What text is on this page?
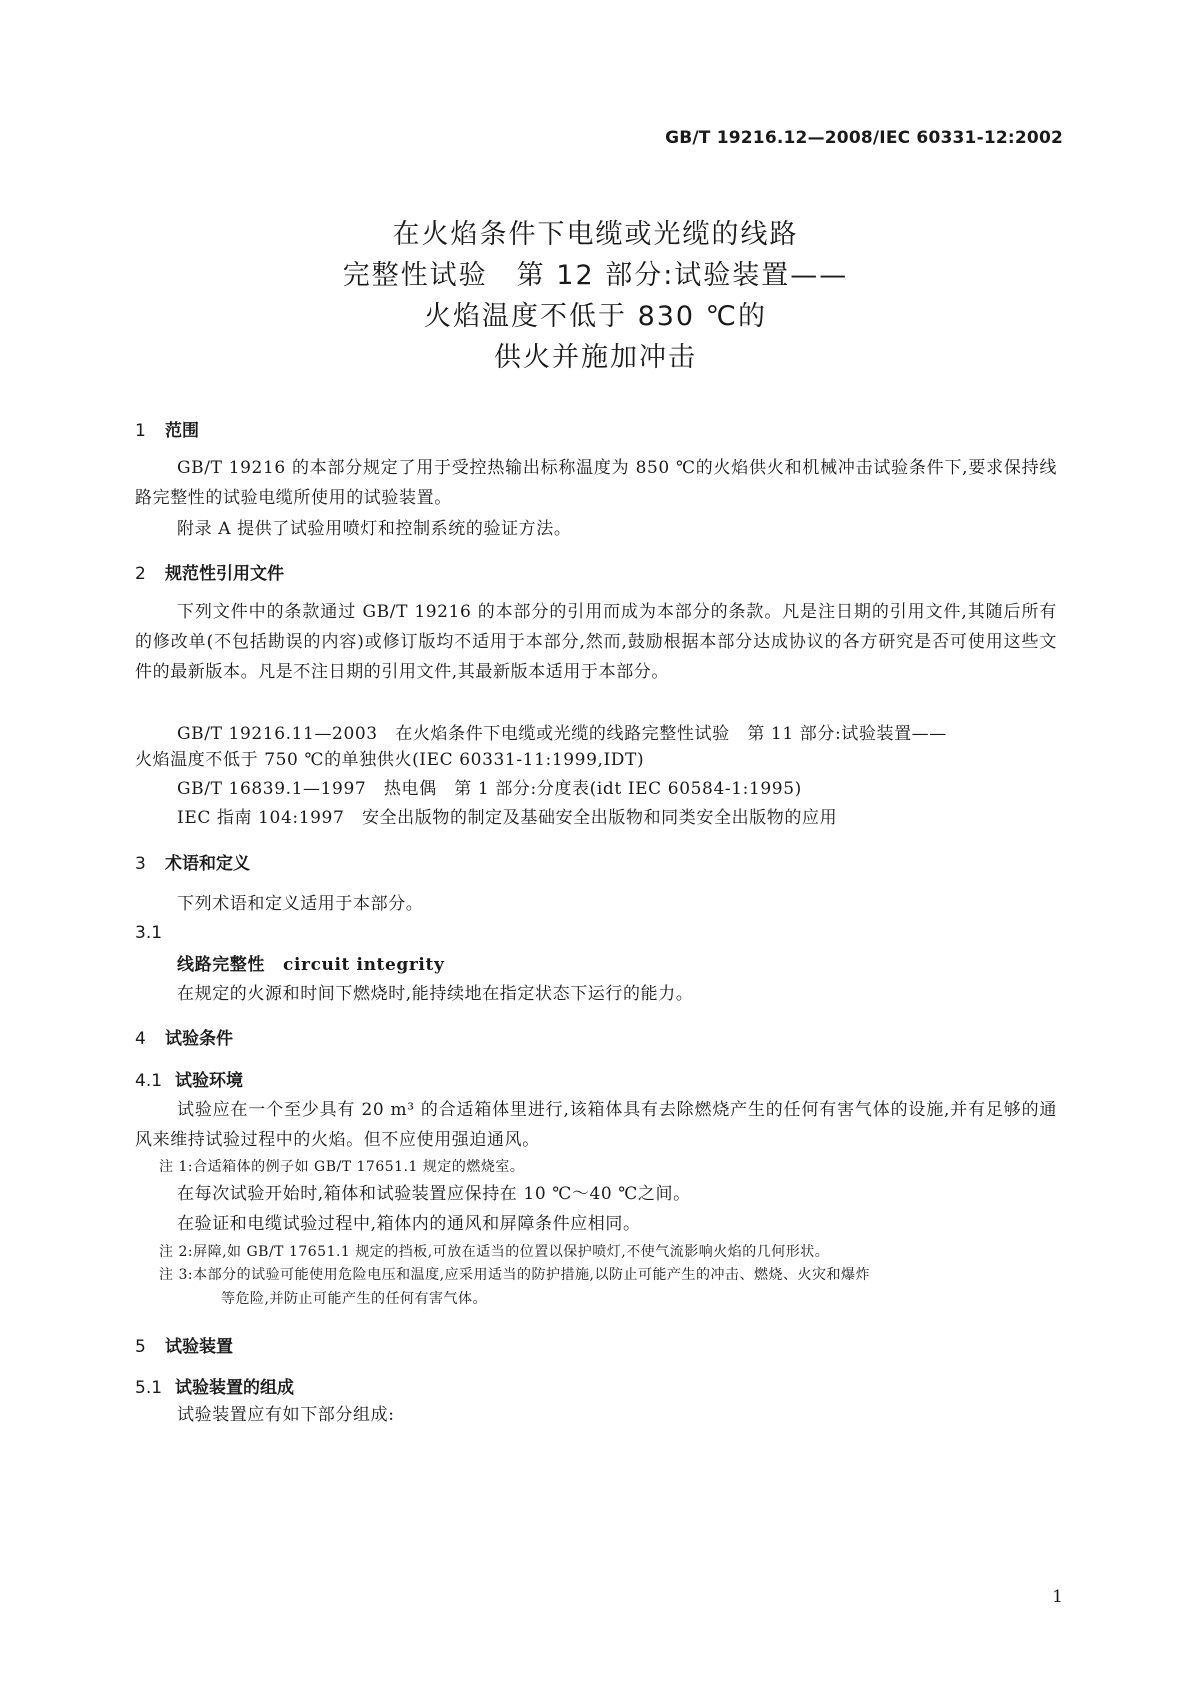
GB/T 19216.12—2008/IEC 60331-12:2002
在火焰条件下电缆或光缆的线路
完整性试验　第 12 部分:试验装置——
火焰温度不低于 830 ℃的
供火并施加冲击
1 范围
GB/T 19216 的本部分规定了用于受控热输出标称温度为 850 ℃的火焰供火和机械冲击试验条件下,要求保持线路完整性的试验电缆所使用的试验装置。
附录 A 提供了试验用喷灯和控制系统的验证方法。
2 规范性引用文件
下列文件中的条款通过 GB/T 19216 的本部分的引用而成为本部分的条款。凡是注日期的引用文件,其随后所有的修改单(不包括勘误的内容)或修订版均不适用于本部分,然而,鼓励根据本部分达成协议的各方研究是否可使用这些文件的最新版本。凡是不注日期的引用文件,其最新版本适用于本部分。
GB/T 19216.11—2003　在火焰条件下电缆或光缆的线路完整性试验　第 11 部分:试验装置——
火焰温度不低于 750 ℃的单独供火(IEC 60331-11:1999,IDT)
GB/T 16839.1—1997　热电偶　第 1 部分:分度表(idt IEC 60584-1:1995)
IEC 指南 104:1997　安全出版物的制定及基础安全出版物和同类安全出版物的应用
3 术语和定义
下列术语和定义适用于本部分。
3.1
线路完整性 circuit integrity
在规定的火源和时间下燃烧时,能持续地在指定状态下运行的能力。
4 试验条件
4.1 试验环境
试验应在一个至少具有 20 m³ 的合适箱体里进行,该箱体具有去除燃烧产生的任何有害气体的设施,并有足够的通风来维持试验过程中的火焰。但不应使用强迫通风。
注 1:合适箱体的例子如 GB/T 17651.1 规定的燃烧室。
在每次试验开始时,箱体和试验装置应保持在 10 ℃～40 ℃之间。
在验证和电缆试验过程中,箱体内的通风和屏障条件应相同。
注 2:屏障,如 GB/T 17651.1 规定的挡板,可放在适当的位置以保护喷灯,不使气流影响火焰的几何形状。
注 3:本部分的试验可能使用危险电压和温度,应采用适当的防护措施,以防止可能产生的冲击、燃烧、火灾和爆炸
等危险,并防止可能产生的任何有害气体。
5 试验装置
5.1 试验装置的组成
试验装置应有如下部分组成:
1
